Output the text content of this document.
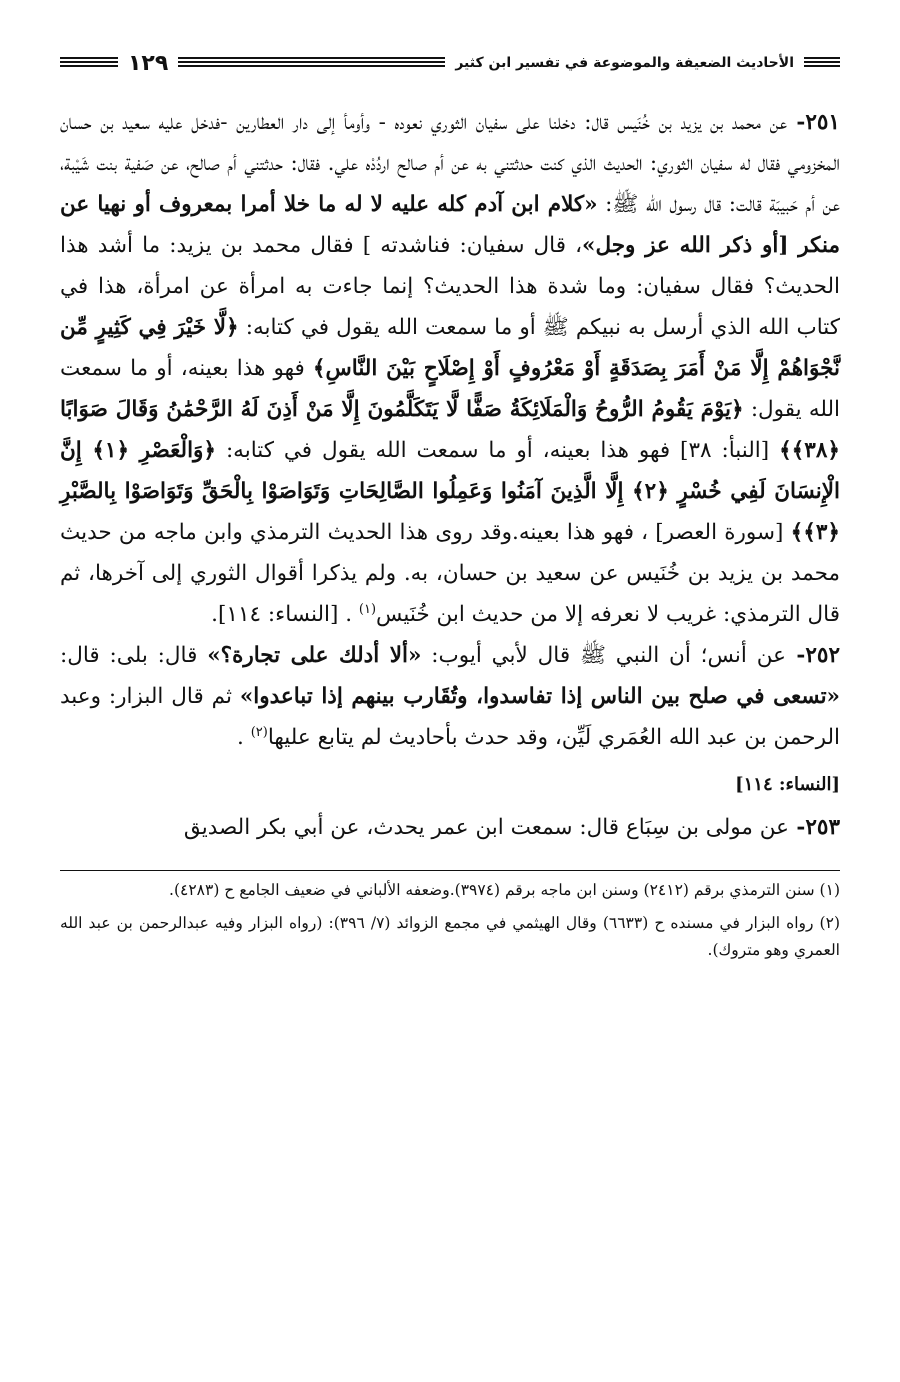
الأحاديث الضعيفة والموضوعة في تفسير ابن كثير
١٢٩

٢٥١- عن محمد بن يزيد بن خُنَيس قال: دخلنا على سفيان الثوري نعوده - وأومأ إلى دار العطارين -فدخل عليه سعيد بن حسان المخزومي فقال له سفيان الثوري: الحديث الذي كنت حدثتني به عن أم صالح اردُدْه علي. فقال: حدثتني أم صالح، عن صَفية بنت شَيْبة، عن أم حَبيبَة قالت: قال رسول الله ﷺ: «كلام ابن آدم كله عليه لا له ما خلا أمرا بمعروف أو نهيا عن منكر [أو ذكر الله عز وجل»، قال سفيان: فناشدته ] فقال محمد بن يزيد: ما أشد هذا الحديث؟ فقال سفيان: وما شدة هذا الحديث؟ إنما جاءت به امرأة عن امرأة، هذا في كتاب الله الذي أرسل به نبيكم ﷺ أو ما سمعت الله يقول في كتابه: ﴿لَّا خَيْرَ فِي كَثِيرٍ مِّن نَّجْوَاهُمْ إِلَّا مَنْ أَمَرَ بِصَدَقَةٍ أَوْ مَعْرُوفٍ أَوْ إِصْلَاحٍ بَيْنَ النَّاسِ﴾ فهو هذا بعينه، أو ما سمعت الله يقول: ﴿يَوْمَ يَقُومُ الرُّوحُ وَالْمَلَائِكَةُ صَفًّا لَّا يَتَكَلَّمُونَ إِلَّا مَنْ أَذِنَ لَهُ الرَّحْمَٰنُ وَقَالَ صَوَابًا ﴿٣٨﴾﴾ [النبأ: ٣٨] فهو هذا بعينه، أو ما سمعت الله يقول في كتابه: ﴿وَالْعَصْرِ ﴿١﴾ إِنَّ الْإِنسَانَ لَفِي خُسْرٍ ﴿٢﴾ إِلَّا الَّذِينَ آمَنُوا وَعَمِلُوا الصَّالِحَاتِ وَتَوَاصَوْا بِالْحَقِّ وَتَوَاصَوْا بِالصَّبْرِ ﴿٣﴾﴾ [سورة العصر] ، فهو هذا بعينه.وقد روى هذا الحديث الترمذي وابن ماجه من حديث محمد بن يزيد بن خُنَيس عن سعيد بن حسان، به. ولم يذكرا أقوال الثوري إلى آخرها، ثم قال الترمذي: غريب لا نعرفه إلا من حديث ابن خُنَيس$^{(١)}$ . [النساء: ١١٤].

٢٥٢- عن أنس؛ أن النبي ﷺ قال لأبي أيوب: «ألا أدلك على تجارة؟» قال: بلى: قال: «تسعى في صلح بين الناس إذا تفاسدوا، وتُقَارب بينهم إذا تباعدوا» ثم قال البزار: وعبد الرحمن بن عبد الله العُمَري لَيِّن، وقد حدث بأحاديث لم يتابع عليها$^{(٢)}$ .

[النساء: ١١٤]

٢٥٣- عن مولى بن سِبَاع قال: سمعت ابن عمر يحدث، عن أبي بكر الصديق

(١) سنن الترمذي برقم (٢٤١٢) وسنن ابن ماجه برقم (٣٩٧٤).وضعفه الألباني في ضعيف الجامع ح (٤٢٨٣).

(٢) رواه البزار في مسنده ح (٦٦٣٣) وقال الهيثمي في مجمع الزوائد (٧/ ٣٩٦): (رواه البزار وفيه عبدالرحمن بن عبد الله العمري وهو متروك).
